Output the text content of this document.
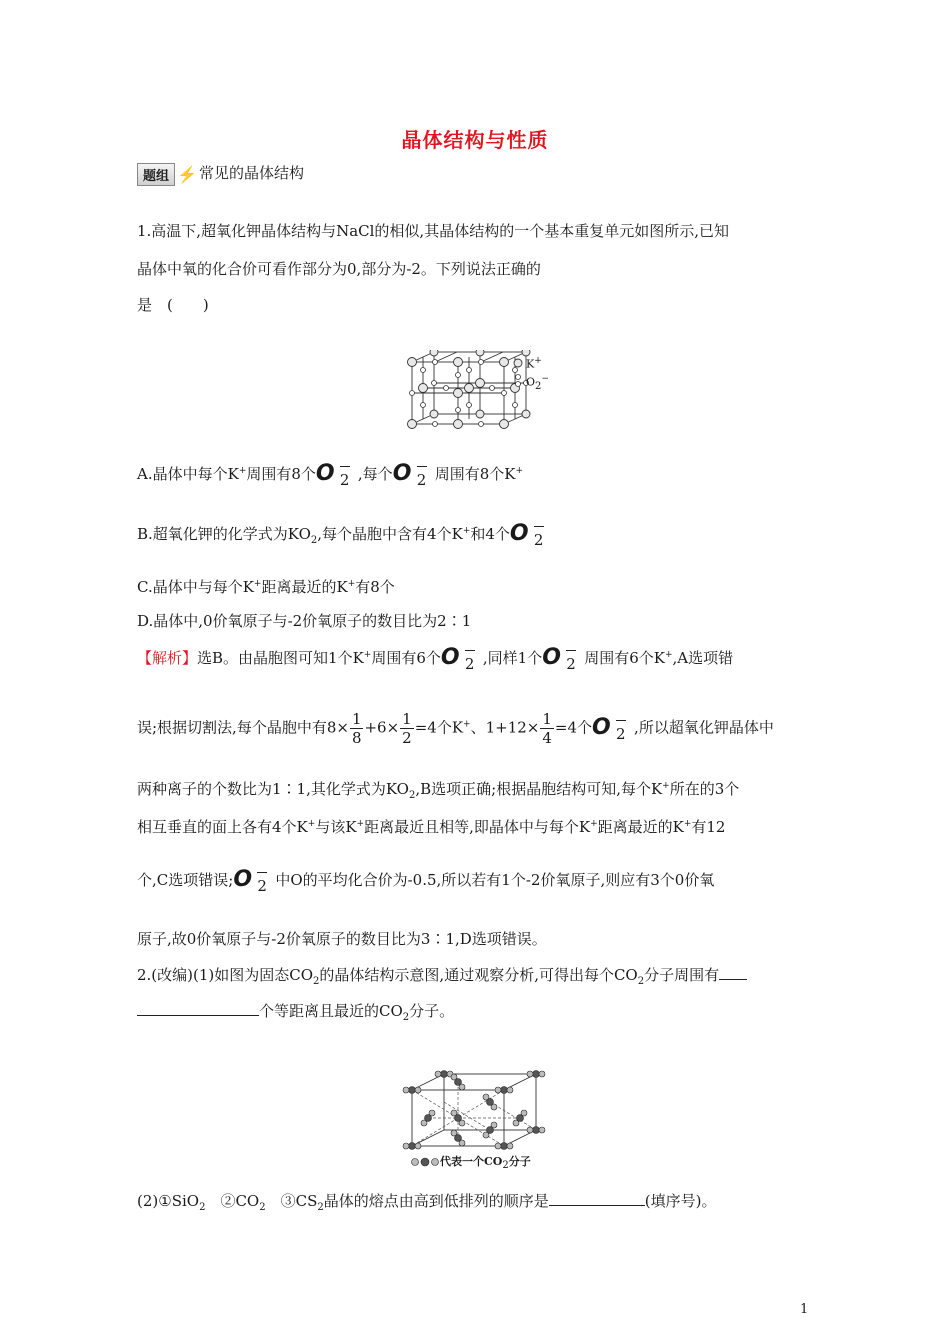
晶体结构与性质
题组 ⚡ 常见的晶体结构
1.高温下,超氧化钾晶体结构与NaCl的相似,其晶体结构的一个基本重复单元如图所示,已知
晶体中氧的化合价可看作部分为0,部分为-2。下列说法正确的
是　(　　)
K+
O2−
A.晶体中每个K+周围有8个 O 2 ,每个 O 2 周围有8个K+
B.超氧化钾的化学式为$KO_2$,每个晶胞中含有4个K+和4个 O 2
C.晶体中与每个K+距离最近的K+有8个
D.晶体中,0价氧原子与-2价氧原子的数目比为2∶1
【解析】选B。由晶胞图可知1个K+周围有6个 O 2 ,同样1个 O 2 周围有6个K+,A选项错
误;根据切割法,每个晶胞中有$8\times \frac{1}{8} +6\times \frac{1}{2} =4$个K+、$1+12\times \frac{1}{4} =4$个 O 2 ,所以超氧化钾晶体中
两种离子的个数比为1∶1,其化学式为$KO_2,B$选项正确;根据晶胞结构可知,每个K+所在的3个
相互垂直的面上各有4个K+与该K+距离最近且相等,即晶体中与每个K+距离最近的K+有12
个,C选项错误; O 2 中O的平均化合价为-0.5,所以若有1个-2价氧原子,则应有3个0价氧
原子,故0价氧原子与-2价氧原子的数目比为3∶1,D选项错误。
2.(改编)(1)如图为固态$CO_2$的晶体结构示意图,通过观察分析,可得出每个$CO_2$分子周围有
个等距离且最近的$CO_2$分子。
代表一个CO2分子
(2)①SiO$_2$　$②CO_2$　$③CS_2$晶体的熔点由高到低排列的顺序是	(填序号)。
1
